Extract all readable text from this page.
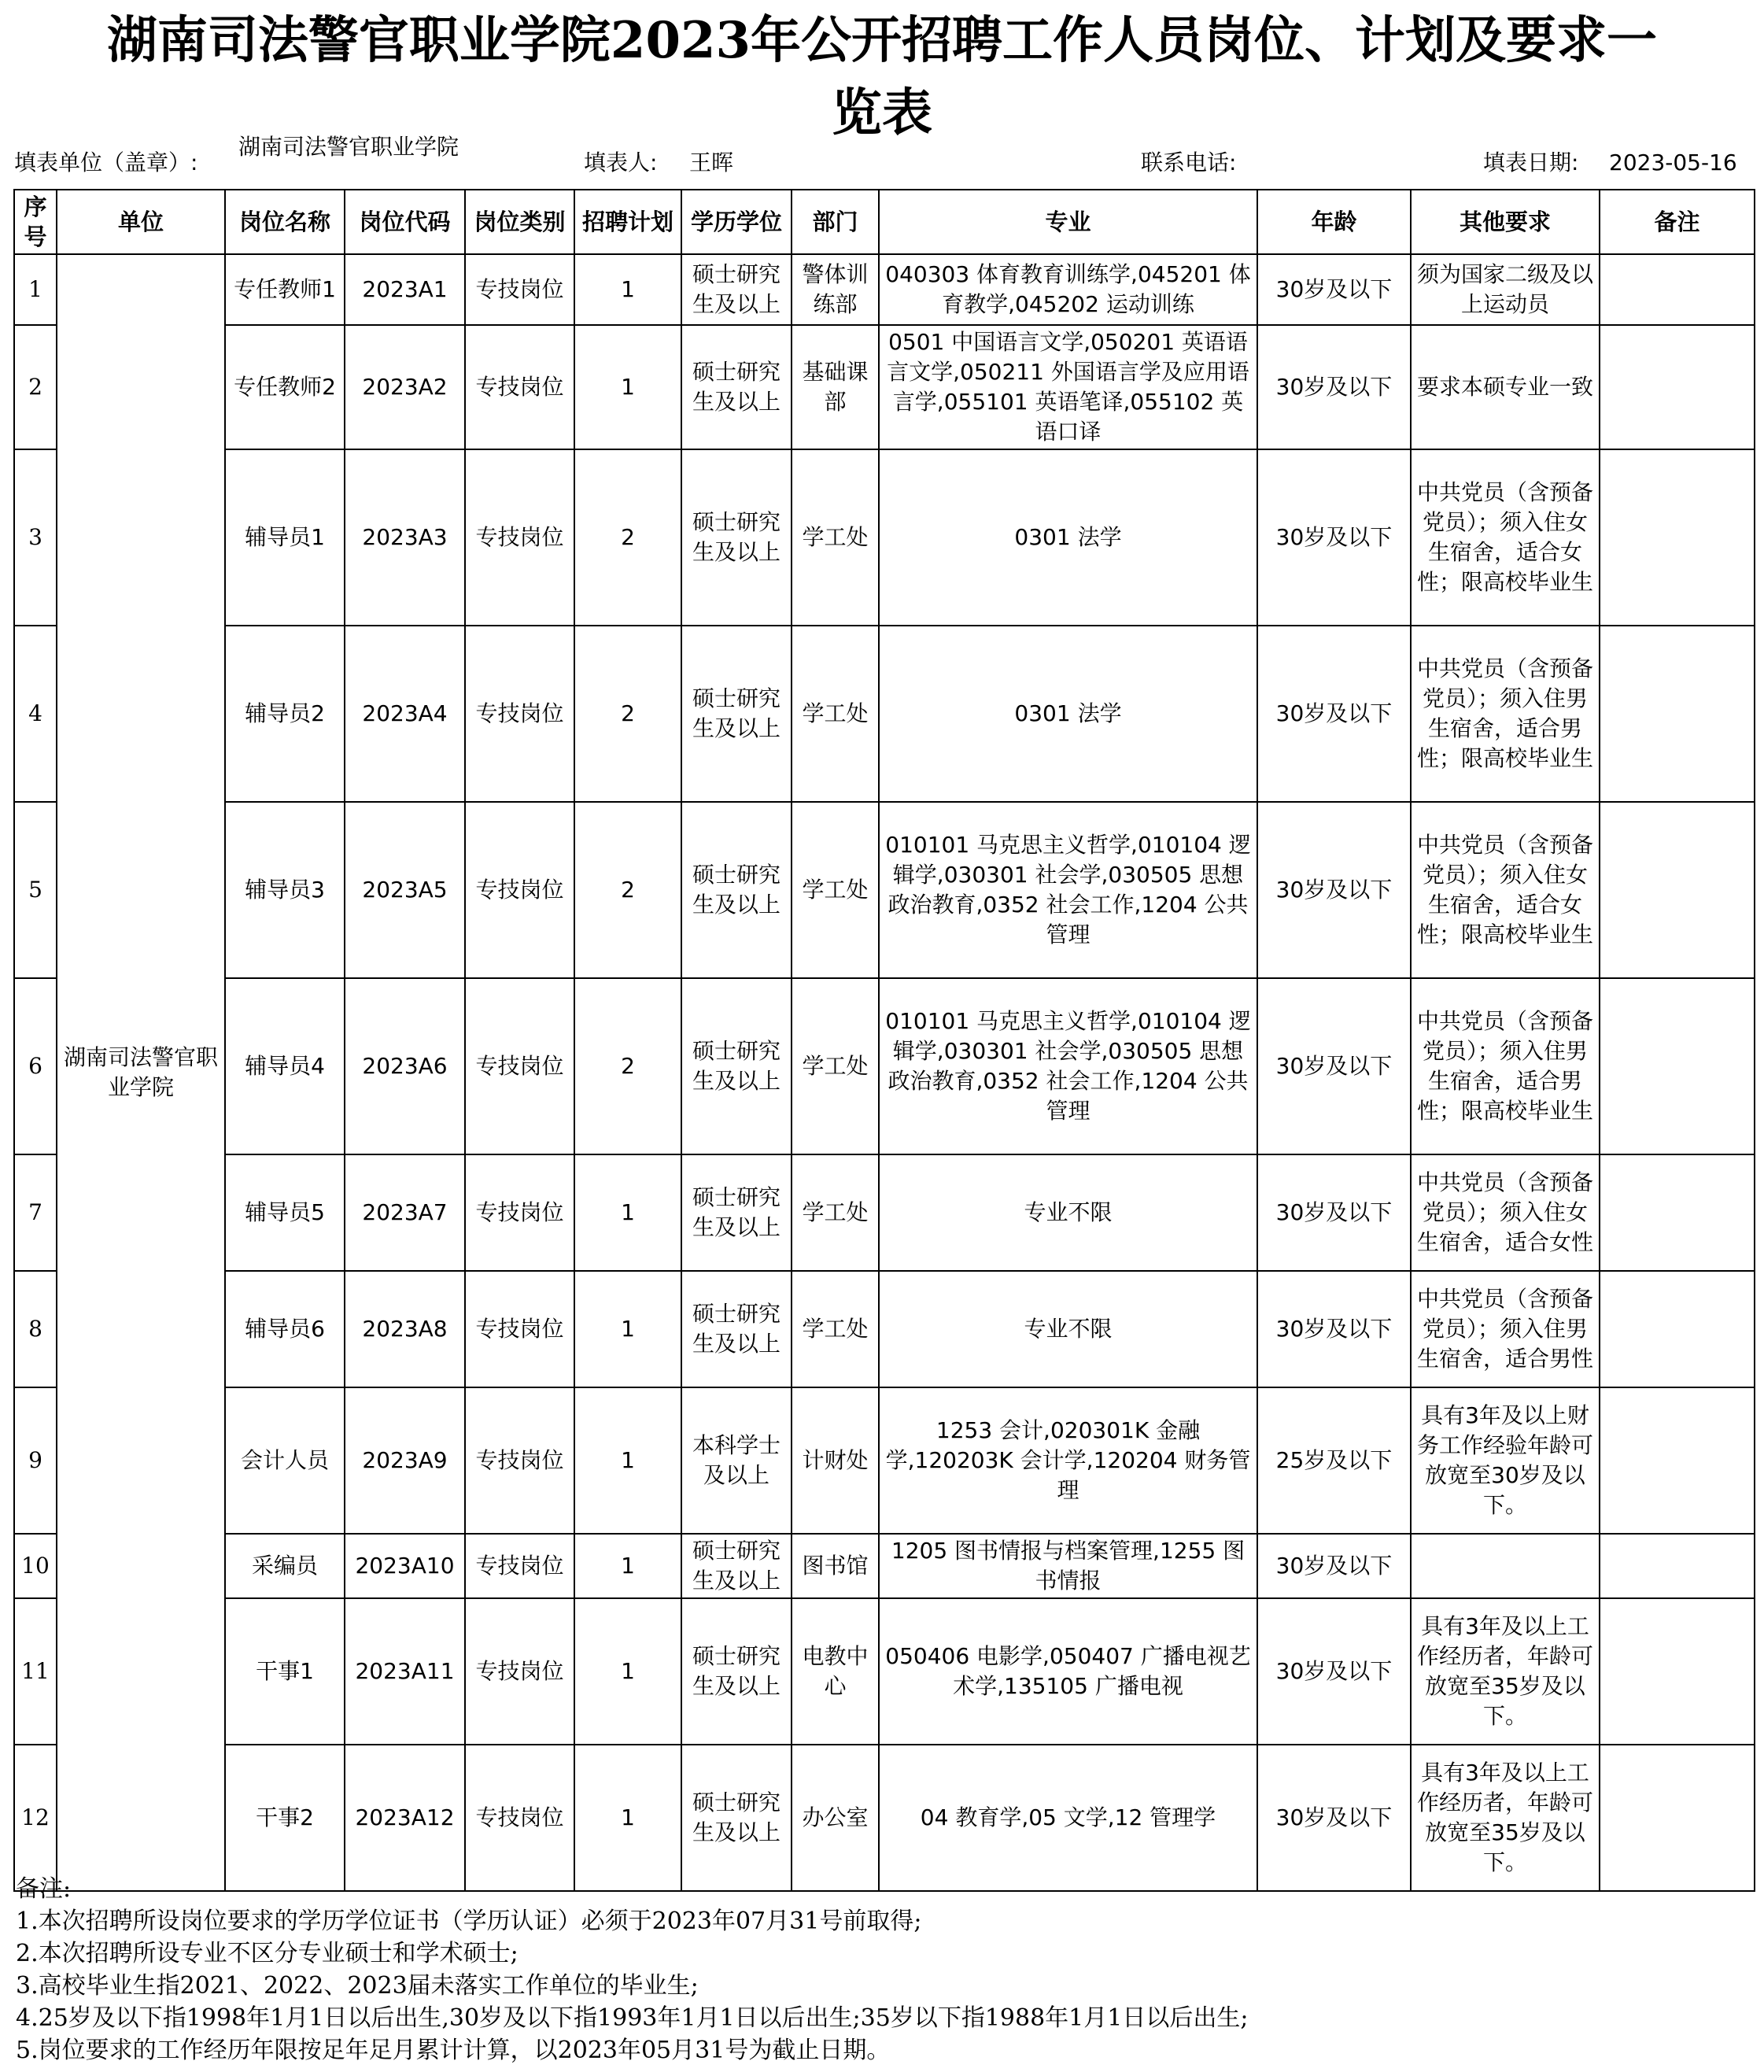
湖南司法警官职业学院2023年公开招聘工作人员岗位、计划及要求一
览表
填表单位（盖章）:
湖南司法警官职业学院
填表人: 王晖	联系电话:	填表日期: 2023-05-16
序号	单位	岗位名称	岗位代码	岗位类别	招聘计划	学历学位	部门	专业	年龄	其他要求	备注
1	湖南司法警官职业学院	专任教师1	2023A1	专技岗位	1	硕士研究生及以上	警体训练部	040303 体育教育训练学,045201 体育教学,045202 运动训练	30岁及以下	须为国家二级及以上运动员	
2		专任教师2	2023A2	专技岗位	1	硕士研究生及以上	基础课部	0501 中国语言文学,050201 英语语言文学,050211 外国语言学及应用语言学,055101 英语笔译,055102 英语口译	30岁及以下	要求本硕专业一致	
3		辅导员1	2023A3	专技岗位	2	硕士研究生及以上	学工处	0301 法学	30岁及以下	中共党员（含预备党员）；须入住女生宿舍，适合女性；限高校毕业生	
4		辅导员2	2023A4	专技岗位	2	硕士研究生及以上	学工处	0301 法学	30岁及以下	中共党员（含预备党员）；须入住男生宿舍，适合男性；限高校毕业生	
5		辅导员3	2023A5	专技岗位	2	硕士研究生及以上	学工处	010101 马克思主义哲学,010104 逻辑学,030301 社会学,030505 思想政治教育,0352 社会工作,1204 公共管理	30岁及以下	中共党员（含预备党员）；须入住女生宿舍，适合女性；限高校毕业生	
6		辅导员4	2023A6	专技岗位	2	硕士研究生及以上	学工处	010101 马克思主义哲学,010104 逻辑学,030301 社会学,030505 思想政治教育,0352 社会工作,1204 公共管理	30岁及以下	中共党员（含预备党员）；须入住男生宿舍，适合男性；限高校毕业生	
7		辅导员5	2023A7	专技岗位	1	硕士研究生及以上	学工处	专业不限	30岁及以下	中共党员（含预备党员）；须入住女生宿舍，适合女性	
8		辅导员6	2023A8	专技岗位	1	硕士研究生及以上	学工处	专业不限	30岁及以下	中共党员（含预备党员）；须入住男生宿舍，适合男性	
9		会计人员	2023A9	专技岗位	1	本科学士及以上	计财处	1253 会计,020301K 金融学,120203K 会计学,120204 财务管理	25岁及以下	具有3年及以上财务工作经验年龄可放宽至30岁及以下。	
10		采编员	2023A10	专技岗位	1	硕士研究生及以上	图书馆	1205 图书情报与档案管理,1255 图书情报	30岁及以下		
11		干事1	2023A11	专技岗位	1	硕士研究生及以上	电教中心	050406 电影学,050407 广播电视艺术学,135105 广播电视	30岁及以下	具有3年及以上工作经历者，年龄可放宽至35岁及以下。	
12		干事2	2023A12	专技岗位	1	硕士研究生及以上	办公室	04 教育学,05 文学,12 管理学	30岁及以下	具有3年及以上工作经历者，年龄可放宽至35岁及以下。	
备注:
1.本次招聘所设岗位要求的学历学位证书（学历认证）必须于2023年07月31号前取得;
2.本次招聘所设专业不区分专业硕士和学术硕士;
3.高校毕业生指2021、2022、2023届未落实工作单位的毕业生;
4.25岁及以下指1998年1月1日以后出生,30岁及以下指1993年1月1日以后出生;35岁以下指1988年1月1日以后出生;
5.岗位要求的工作经历年限按足年足月累计计算，以2023年05月31号为截止日期。
